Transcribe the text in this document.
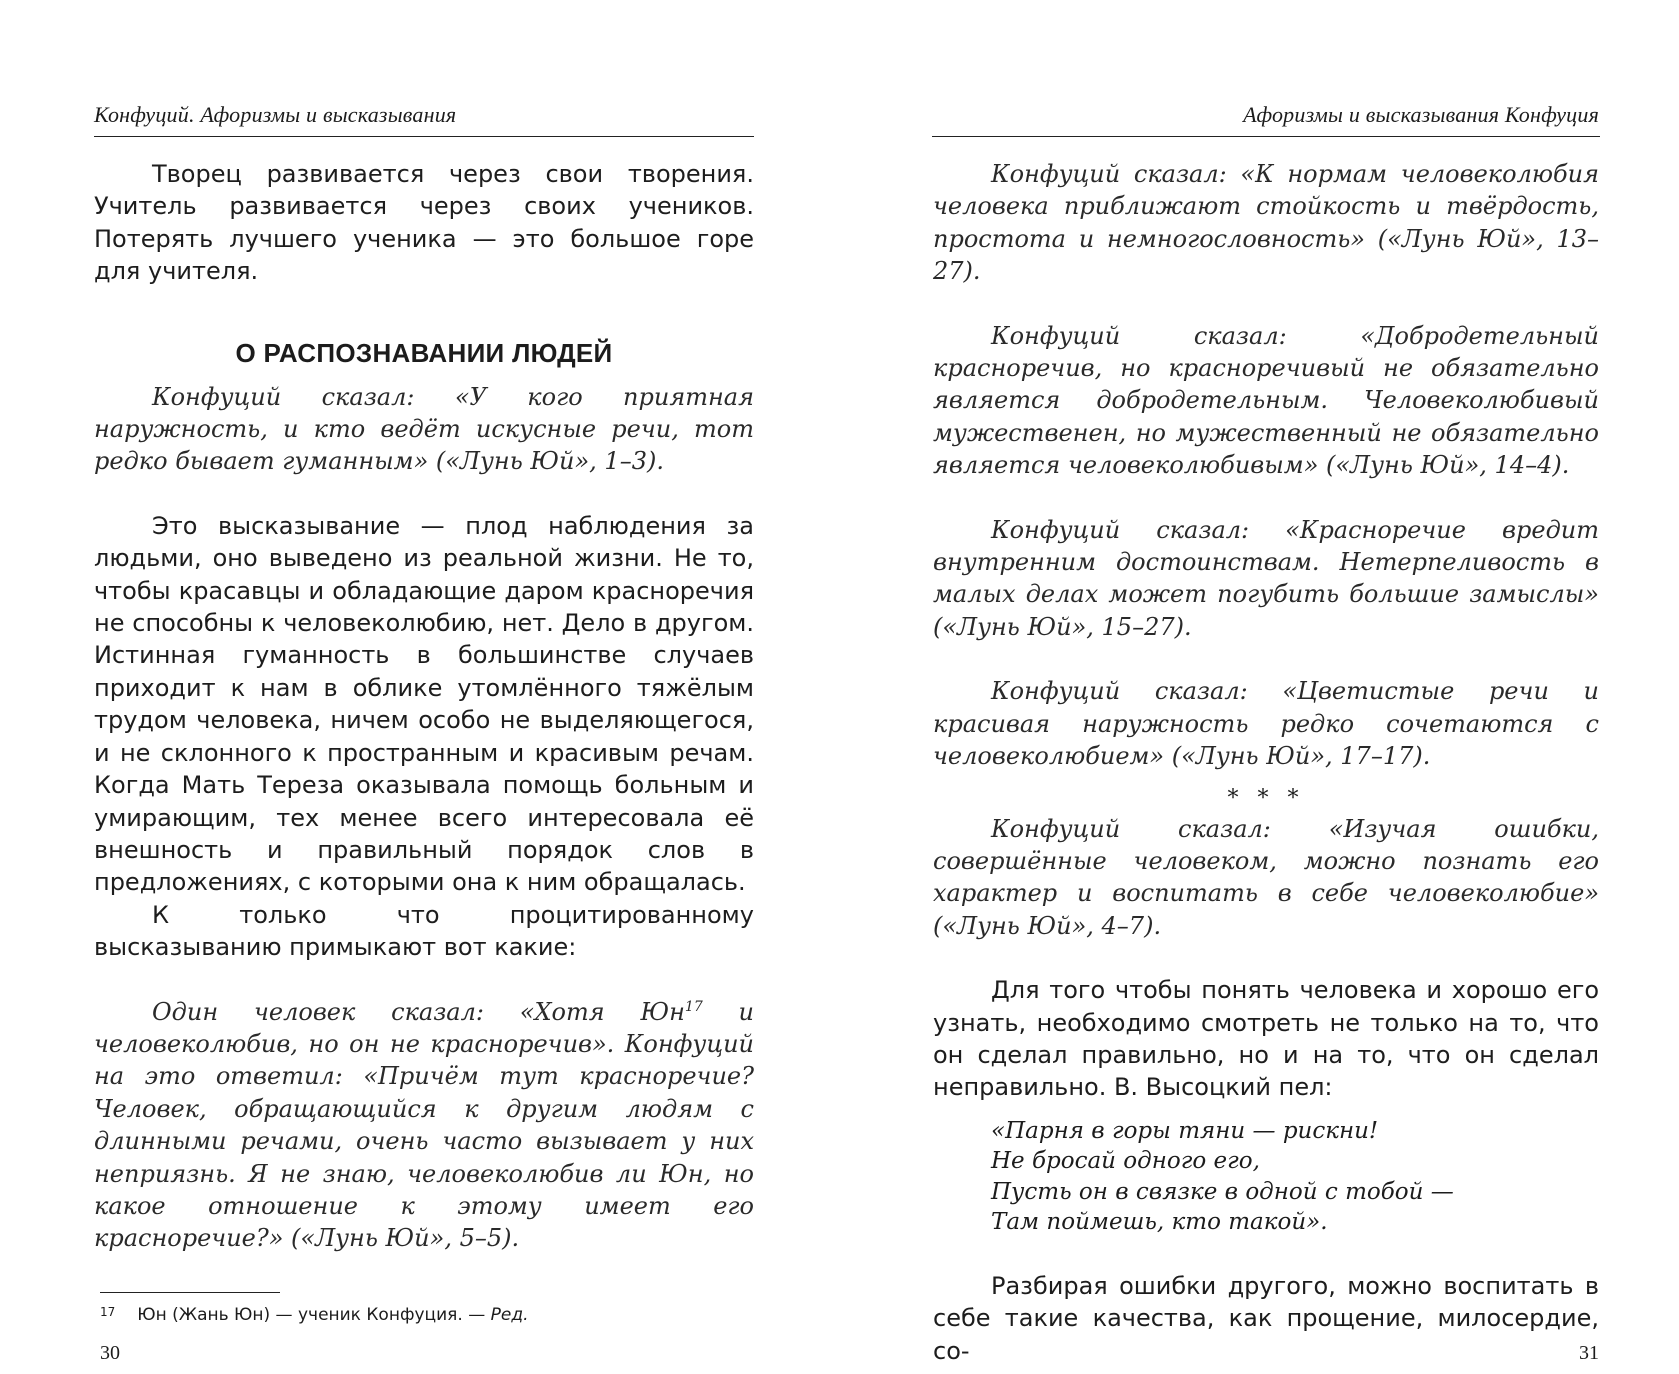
Конфуций. Афоризмы и высказывания

Творец развивается через свои творения. Учитель развивается через своих учеников. Потерять лучшего ученика — это большое горе для учителя.

О РАСПОЗНАВАНИИ ЛЮДЕЙ

Конфуций сказал: «У кого приятная наружность, и кто ведёт искусные речи, тот редко бывает гуманным» («Лунь Юй», 1–3).

Это высказывание — плод наблюдения за людьми, оно выведено из реальной жизни. Не то, чтобы красавцы и обладающие даром красноречия не способны к человеколюбию, нет. Дело в другом. Истинная гуманность в большинстве случаев приходит к нам в облике утомлённого тяжёлым трудом человека, ничем особо не выделяющегося, и не склонного к пространным и красивым речам. Когда Мать Тереза оказывала помощь больным и умирающим, тех менее всего интересовала её внешность и правильный порядок слов в предложениях, с которыми она к ним обращалась.

К только что процитированному высказыванию примыкают вот какие:

Один человек сказал: «Хотя $Юн^{17}$ и человеколюбив, но он не красноречив». Конфуций на это ответил: «Причём тут красноречие? Человек, обращающийся к другим людям с длинными речами, очень часто вызывает у них неприязнь. Я не знаю, человеколюбив ли Юн, но какое отношение к этому имеет его красноречие?» («Лунь Юй», 5–5).

$^{17}$ Юн (Жань Юн) — ученик Конфуция. — Ред.
30
Афоризмы и высказывания Конфуция

Конфуций сказал: «К нормам человеколюбия человека приближают стойкость и твёрдость, простота и немногословность» («Лунь Юй», 13–27).

Конфуций сказал: «Добродетельный красноречив, но красноречивый не обязательно является добродетельным. Человеколюбивый мужественен, но мужественный не обязательно является человеколюбивым» («Лунь Юй», 14–4).

Конфуций сказал: «Красноречие вредит внутренним достоинствам. Нетерпеливость в малых делах может погубить большие замыслы» («Лунь Юй», 15–27).

Конфуций сказал: «Цветистые речи и красивая наружность редко сочетаются с человеколюбием» («Лунь Юй», 17–17).

* * *

Конфуций сказал: «Изучая ошибки, совершённые человеком, можно познать его характер и воспитать в себе человеколюбие» («Лунь Юй», 4–7).

Для того чтобы понять человека и хорошо его узнать, необходимо смотреть не только на то, что он сделал правильно, но и на то, что он сделал неправильно. В. Высоцкий пел:

«Парня в горы тяни — рискни!
Не бросай одного его,
Пусть он в связке в одной с тобой —
Там поймешь, кто такой».

Разбирая ошибки другого, можно воспитать в себе такие качества, как прощение, милосердие, со-	31
